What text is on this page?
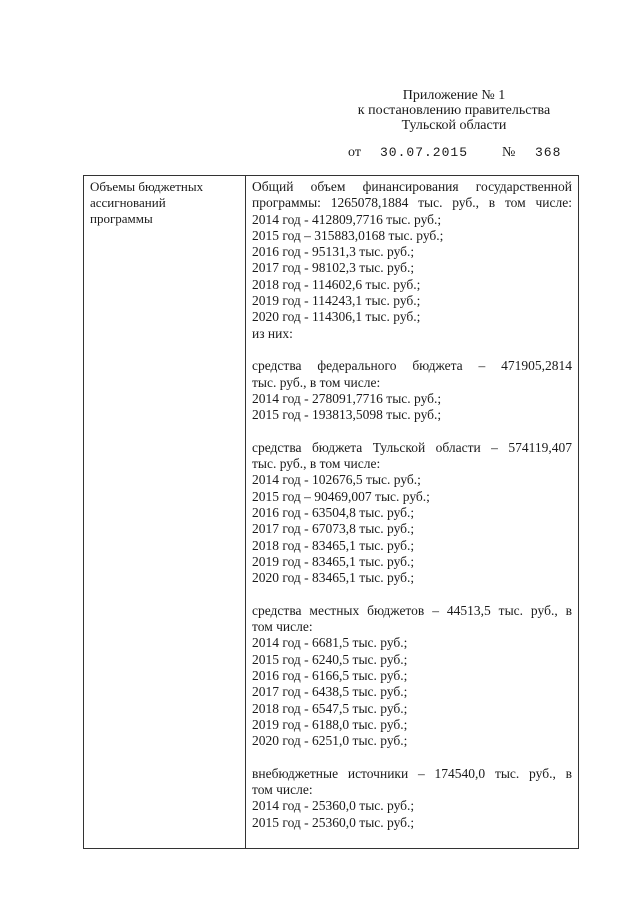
Приложение № 1
к постановлению правительства
Тульской области
от 30.07.2015 № 368
Объемы бюджетных
ассигнований
программы
Общий объем финансирования государственной
программы: 1265078,1884 тыс. руб., в том числе:
2014 год - 412809,7716 тыс. руб.;
2015 год – 315883,0168 тыс. руб.;
2016 год - 95131,3 тыс. руб.;
2017 год - 98102,3 тыс. руб.;
2018 год - 114602,6 тыс. руб.;
2019 год - 114243,1 тыс. руб.;
2020 год - 114306,1 тыс. руб.;
из них:
средства федерального бюджета – 471905,2814
тыс. руб., в том числе:
2014 год - 278091,7716 тыс. руб.;
2015 год - 193813,5098 тыс. руб.;
средства бюджета Тульской области – 574119,407
тыс. руб., в том числе:
2014 год - 102676,5 тыс. руб.;
2015 год – 90469,007 тыс. руб.;
2016 год - 63504,8 тыс. руб.;
2017 год - 67073,8 тыс. руб.;
2018 год - 83465,1 тыс. руб.;
2019 год - 83465,1 тыс. руб.;
2020 год - 83465,1 тыс. руб.;
средства местных бюджетов – 44513,5 тыс. руб., в
том числе:
2014 год - 6681,5 тыс. руб.;
2015 год - 6240,5 тыс. руб.;
2016 год - 6166,5 тыс. руб.;
2017 год - 6438,5 тыс. руб.;
2018 год - 6547,5 тыс. руб.;
2019 год - 6188,0 тыс. руб.;
2020 год - 6251,0 тыс. руб.;
внебюджетные источники – 174540,0 тыс. руб., в
том числе:
2014 год - 25360,0 тыс. руб.;
2015 год - 25360,0 тыс. руб.;
